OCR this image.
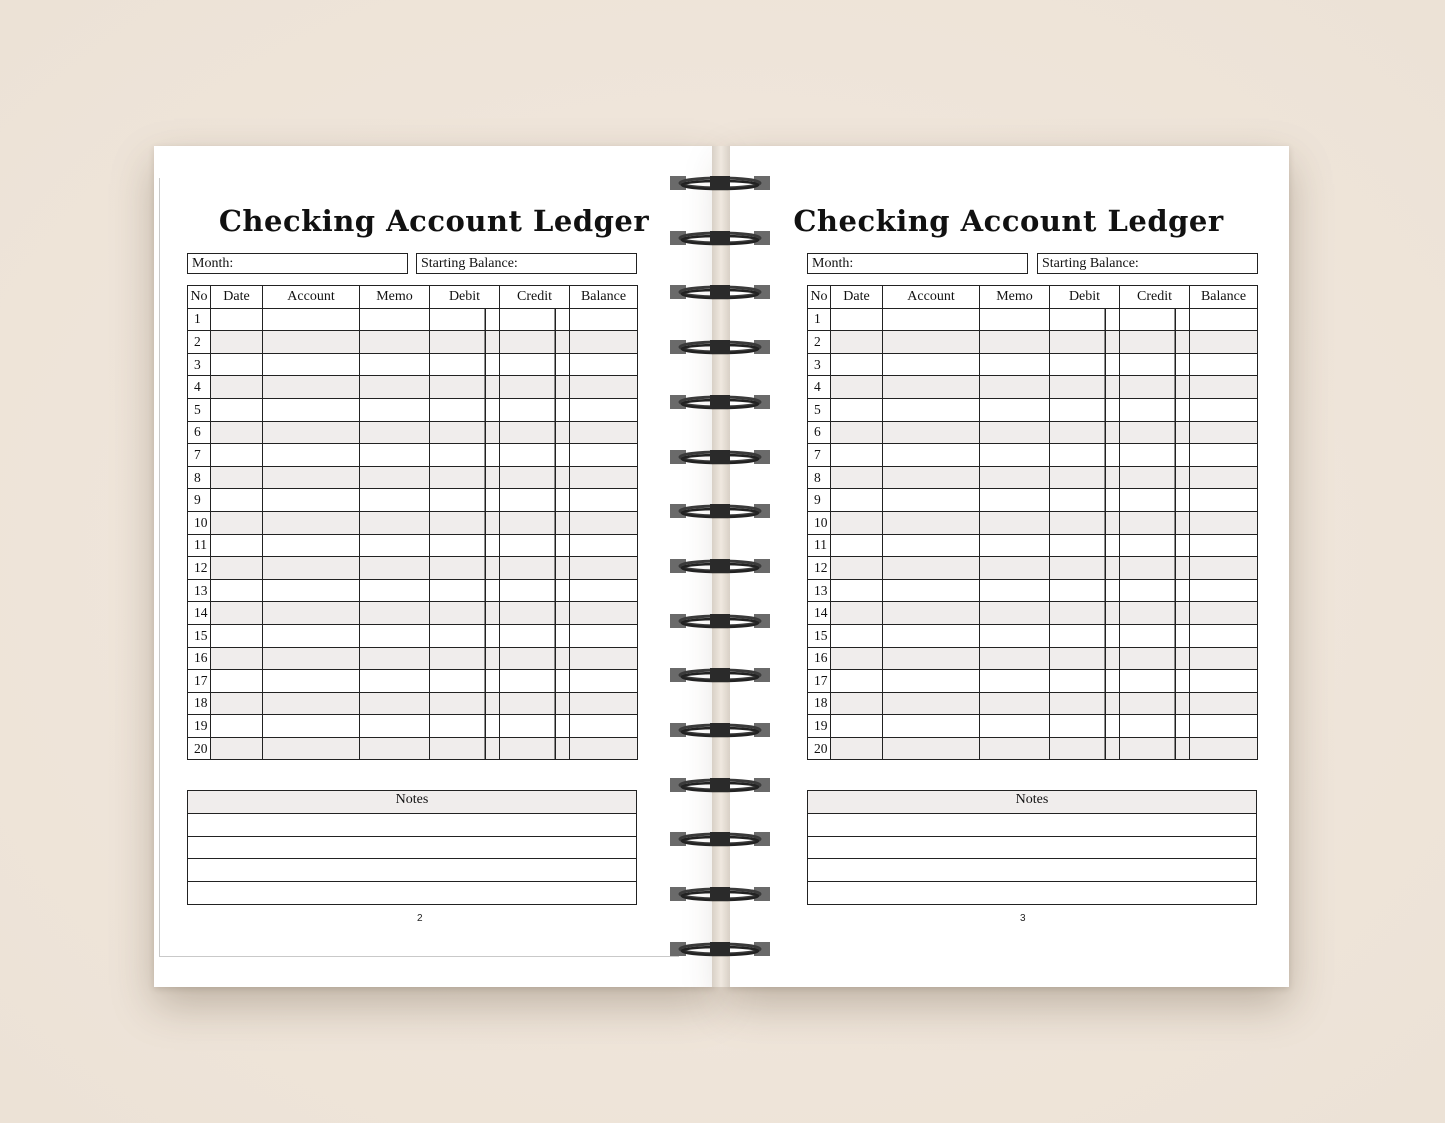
Checking Account Ledger
Month:	Starting Balance:
No	Date	Account	Memo	Debit	Credit	Balance
1						
2						
3						
4						
5						
6						
7						
8						
9						
10						
11						
12						
13						
14						
15						
16						
17						
18						
19						
20						
Notes
2
Checking Account Ledger
Month:	Starting Balance:
No	Date	Account	Memo	Debit	Credit	Balance
1						
2						
3						
4						
5						
6						
7						
8						
9						
10						
11						
12						
13						
14						
15						
16						
17						
18						
19						
20						
Notes
3
